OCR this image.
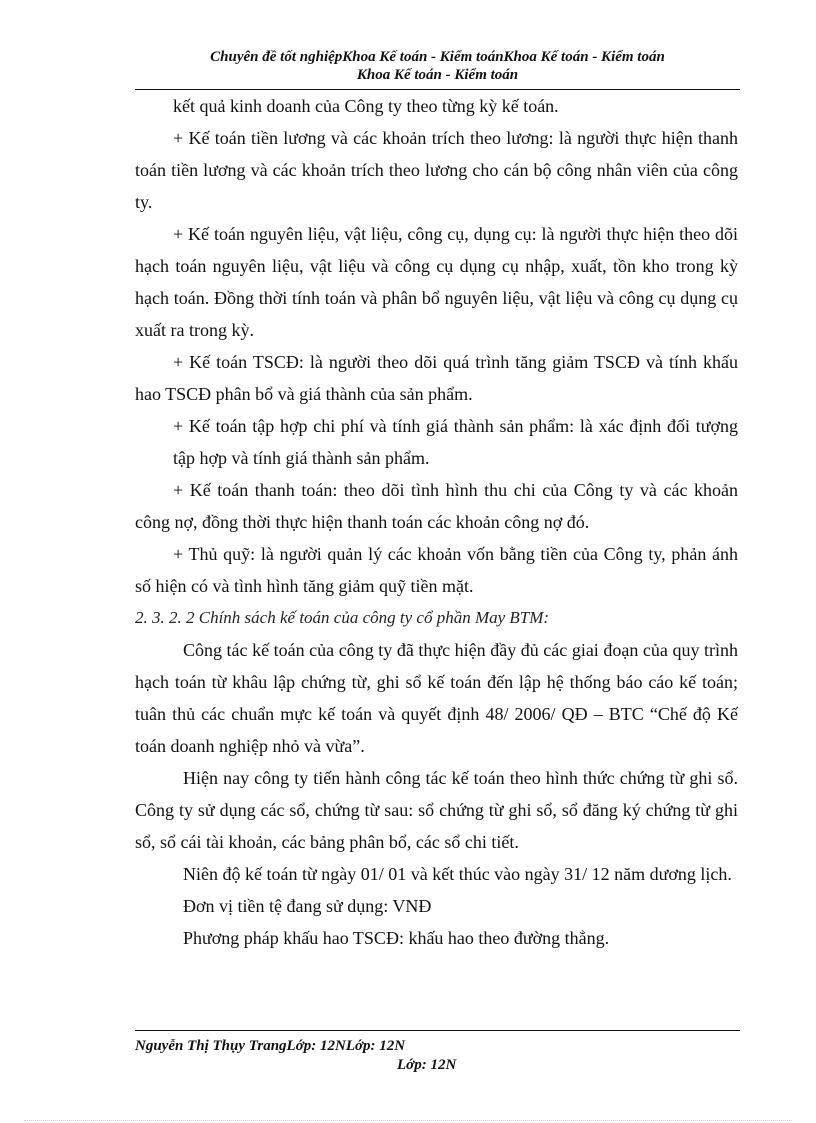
Chuyên đề tốt nghiệpKhoa Kế toán - Kiểm toánKhoa Kế toán - Kiểm toán
Khoa Kế toán - Kiểm toán

kết quả kinh doanh của Công ty theo từng kỳ kế toán.

+ Kế toán tiền lương và các khoản trích theo lương: là người thực hiện thanh toán tiền lương và các khoản trích theo lương cho cán bộ công nhân viên của công ty.

+ Kế toán nguyên liệu, vật liệu, công cụ, dụng cụ: là người thực hiện theo dõi hạch toán nguyên liệu, vật liệu và công cụ dụng cụ nhập, xuất, tồn kho trong kỳ hạch toán. Đồng thời tính toán và phân bổ nguyên liệu, vật liệu và công cụ dụng cụ xuất ra trong kỳ.

+ Kế toán TSCĐ: là người theo dõi quá trình tăng giảm TSCĐ và tính khấu hao TSCĐ phân bổ và giá thành của sản phẩm.

+ Kế toán tập hợp chi phí và tính giá thành sản phẩm: là xác định đối tượng tập hợp và tính giá thành sản phẩm.

+ Kế toán thanh toán: theo dõi tình hình thu chi của Công ty và các khoản công nợ, đồng thời thực hiện thanh toán các khoản công nợ đó.

+ Thủ quỹ: là người quản lý các khoản vốn bằng tiền của Công ty, phản ánh số hiện có và tình hình tăng giảm quỹ tiền mặt.

2. 3. 2. 2 Chính sách kế toán của công ty cổ phần May BTM:

Công tác kế toán của công ty đã thực hiện đầy đủ các giai đoạn của quy trình hạch toán từ khâu lập chứng từ, ghi sổ kế toán đến lập hệ thống báo cáo kế toán; tuân thủ các chuẩn mực kế toán và quyết định 48/ 2006/ QĐ – BTC “Chế độ Kế toán doanh nghiệp nhỏ và vừa”.

Hiện nay công ty tiến hành công tác kế toán theo hình thức chứng từ ghi sổ. Công ty sử dụng các sổ, chứng từ sau: sổ chứng từ ghi sổ, sổ đăng ký chứng từ ghi sổ, sổ cái tài khoản, các bảng phân bổ, các sổ chi tiết.

Niên độ kế toán từ ngày 01/ 01 và kết thúc vào ngày 31/ 12 năm dương lịch.

Đơn vị tiền tệ đang sử dụng: VNĐ

Phương pháp khấu hao TSCĐ: khấu hao theo đường thẳng.

Nguyễn Thị Thụy TrangLớp: 12NLớp: 12N
Lớp: 12N
